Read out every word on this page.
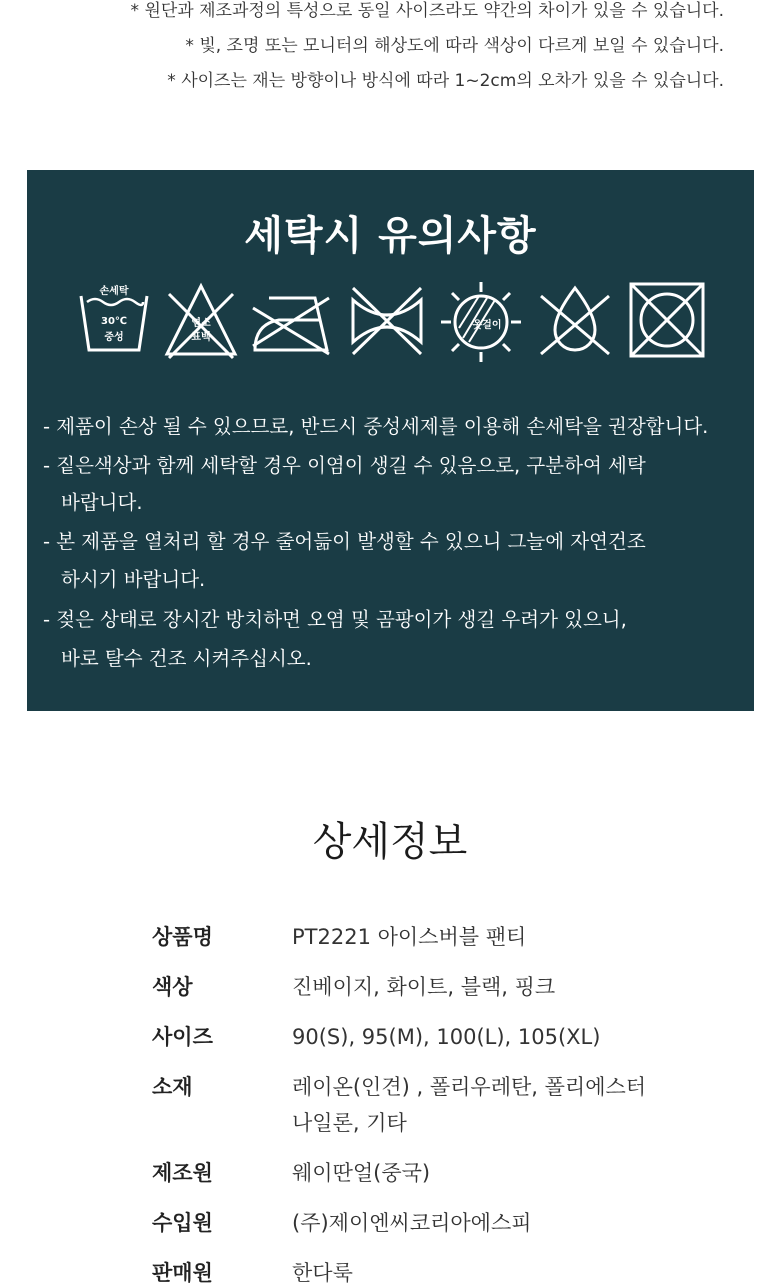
* 원단과 제조과정의 특성으로 동일 사이즈라도 약간의 차이가 있을 수 있습니다.
* 빛, 조명 또는 모니터의 해상도에 따라 색상이 다르게 보일 수 있습니다.
* 사이즈는 재는 방향이나 방식에 따라 1~2cm의 오차가 있을 수 있습니다.
세탁시 유의사항
손세탁
30℃
중성
염소
표백
옷걸이
- 제품이 손상 될 수 있으므로, 반드시 중성세제를 이용해 손세탁을 권장합니다.
- 짙은색상과 함께 세탁할 경우 이염이 생길 수 있음으로, 구분하여 세탁
바랍니다.
- 본 제품을 열처리 할 경우 줄어듦이 발생할 수 있으니 그늘에 자연건조
하시기 바랍니다.
- 젖은 상태로 장시간 방치하면 오염 및 곰팡이가 생길 우려가 있으니,
바로 탈수 건조 시켜주십시오.
상세정보
상품명	PT2221 아이스버블 팬티
색상	진베이지, 화이트, 블랙, 핑크
사이즈	90(S), 95(M), 100(L), 105(XL)
소재	레이온(인견) , 폴리우레탄, 폴리에스터
나일론, 기타
제조원	웨이딴얼(중국)
수입원	(주)제이엔씨코리아에스피
판매원	한다룩
